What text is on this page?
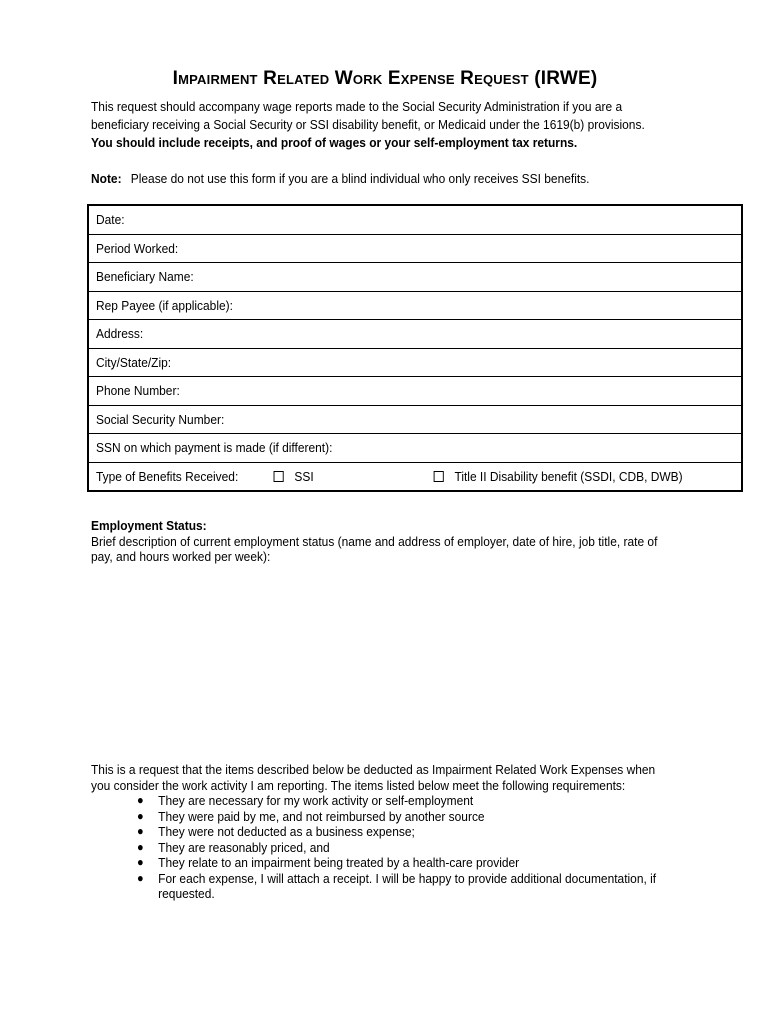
Impairment Related Work Expense Request (IRWE)
This request should accompany wage reports made to the Social Security Administration if you are a
beneficiary receiving a Social Security or SSI disability benefit, or Medicaid under the 1619(b) provisions.
You should include receipts, and proof of wages or your self-employment tax returns.
Note: Please do not use this form if you are a blind individual who only receives SSI benefits.
Date:
Period Worked:
Beneficiary Name:
Rep Payee (if applicable):
Address:
City/State/Zip:
Phone Number:
Social Security Number:
SSN on which payment is made (if different):
Type of Benefits Received:	SSI	Title II Disability benefit (SSDI, CDB, DWB)
Employment Status:
Brief description of current employment status (name and address of employer, date of hire, job title, rate of
pay, and hours worked per week):
This is a request that the items described below be deducted as Impairment Related Work Expenses when
you consider the work activity I am reporting. The items listed below meet the following requirements:
● They are necessary for my work activity or self-employment
● They were paid by me, and not reimbursed by another source
● They were not deducted as a business expense;
● They are reasonably priced, and
● They relate to an impairment being treated by a health-care provider
● For each expense, I will attach a receipt. I will be happy to provide additional documentation, if requested.
